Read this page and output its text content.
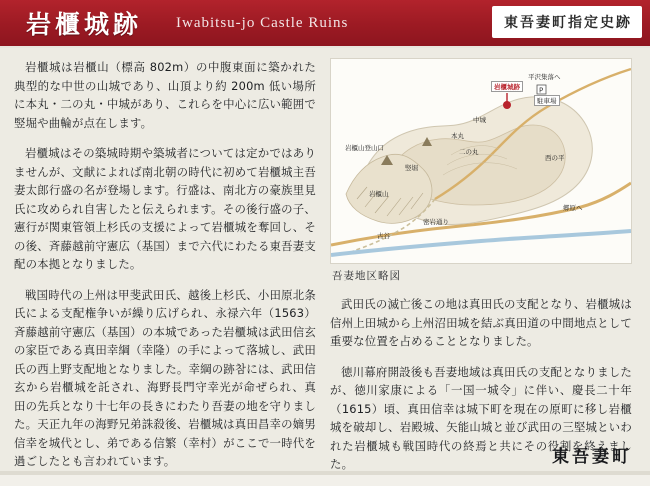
岩櫃城跡 Iwabitsu-jo Castle Ruins	東吾妻町指定史跡

岩櫃城は岩櫃山（標高 802m）の中腹東面に築かれた典型的な中世の山城であり、山頂より約 200m 低い場所に本丸・二の丸・中城があり、これらを中心に広い範囲で竪堀や曲輪が点在します。

岩櫃城はその築城時期や築城者については定かではありませんが、文献によれば南北朝の時代に初めて岩櫃城主吾妻太郎行盛の名が登場します。行盛は、南北方の豪族里見氏に攻められ自害したと伝えられます。その後行盛の子、憲行が関東管領上杉氏の支援によって岩櫃城を奪回し、その後、斉藤越前守憲広（基国）まで六代にわたる東吾妻支配の本拠となりました。

戦国時代の上州は甲斐武田氏、越後上杉氏、小田原北条氏による支配権争いが繰り広げられ、永禄六年（1563）斉藤越前守憲広（基国）の本城であった岩櫃城は武田信玄の家臣である真田幸綱（幸隆）の手によって落城し、武田氏の西上野支配地となりました。幸綱の跡참には、武田信玄から岩櫃城を託され、海野長門守幸光が命ぜられ、真田の先兵となり十七年の長きにわたり吾妻の地を守りました。天正九年の海野兄弟誅殺後、岩櫃城は真田昌幸の嫡男信幸を城代とし、弟である信繁（幸村）がここで一時代を過ごしたとも言われています。

P
平沢集落へ
駐車場
岩櫃城跡
岩櫃山登山口
中城
本丸
二の丸
西の平
竪堀
岩櫃山
郷原へ
密岩通り
古谷
吾妻地区略図

武田氏の滅亡後この地は真田氏の支配となり、岩櫃城は信州上田城から上州沼田城を結ぶ真田道の中間地点として重要な位置を占めることとなりました。

徳川幕府開設後も吾妻地域は真田氏の支配となりましたが、徳川家康による「一国一城令」に伴い、慶長二十年（1615）頃、真田信幸は城下町を現在の原町に移し岩櫃城を破却し、岩殿城、矢能山城と並び武田の三堅城といわれた岩櫃城も戦国時代の終焉と共にその役割を終えました。	東吾妻町
